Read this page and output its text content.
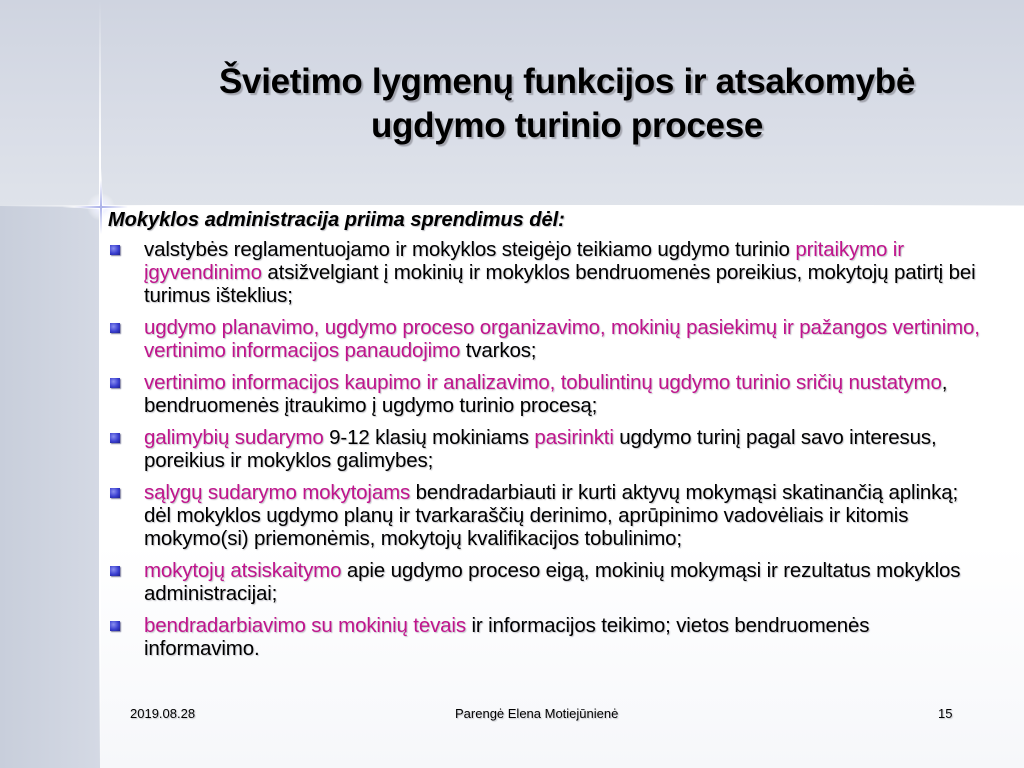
Švietimo lygmenų funkcijos ir atsakomybė
ugdymo turinio procese

Mokyklos administracija priima sprendimus dėl:

valstybės reglamentuojamo ir mokyklos steigėjo teikiamo ugdymo turinio pritaikymo ir įgyvendinimo atsižvelgiant į mokinių ir mokyklos bendruomenės poreikius, mokytojų patirtį bei turimus išteklius;
ugdymo planavimo, ugdymo proceso organizavimo, mokinių pasiekimų ir pažangos vertinimo, vertinimo informacijos panaudojimo tvarkos;
vertinimo informacijos kaupimo ir analizavimo, tobulintinų ugdymo turinio sričių nustatymo, bendruomenės įtraukimo į ugdymo turinio procesą;
galimybių sudarymo 9-12 klasių mokiniams pasirinkti ugdymo turinį pagal savo interesus, poreikius ir mokyklos galimybes;
sąlygų sudarymo mokytojams bendradarbiauti ir kurti aktyvų mokymąsi skatinančią aplinką; dėl mokyklos ugdymo planų ir tvarkaraščių derinimo, aprūpinimo vadovėliais ir kitomis mokymo(si) priemonėmis, mokytojų kvalifikacijos tobulinimo;
mokytojų atsiskaitymo apie ugdymo proceso eigą, mokinių mokymąsi ir rezultatus mokyklos administracijai;
bendradarbiavimo su mokinių tėvais ir informacijos teikimo; vietos bendruomenės informavimo.

2019.08.28	Parengė Elena Motiejūnienė	15
